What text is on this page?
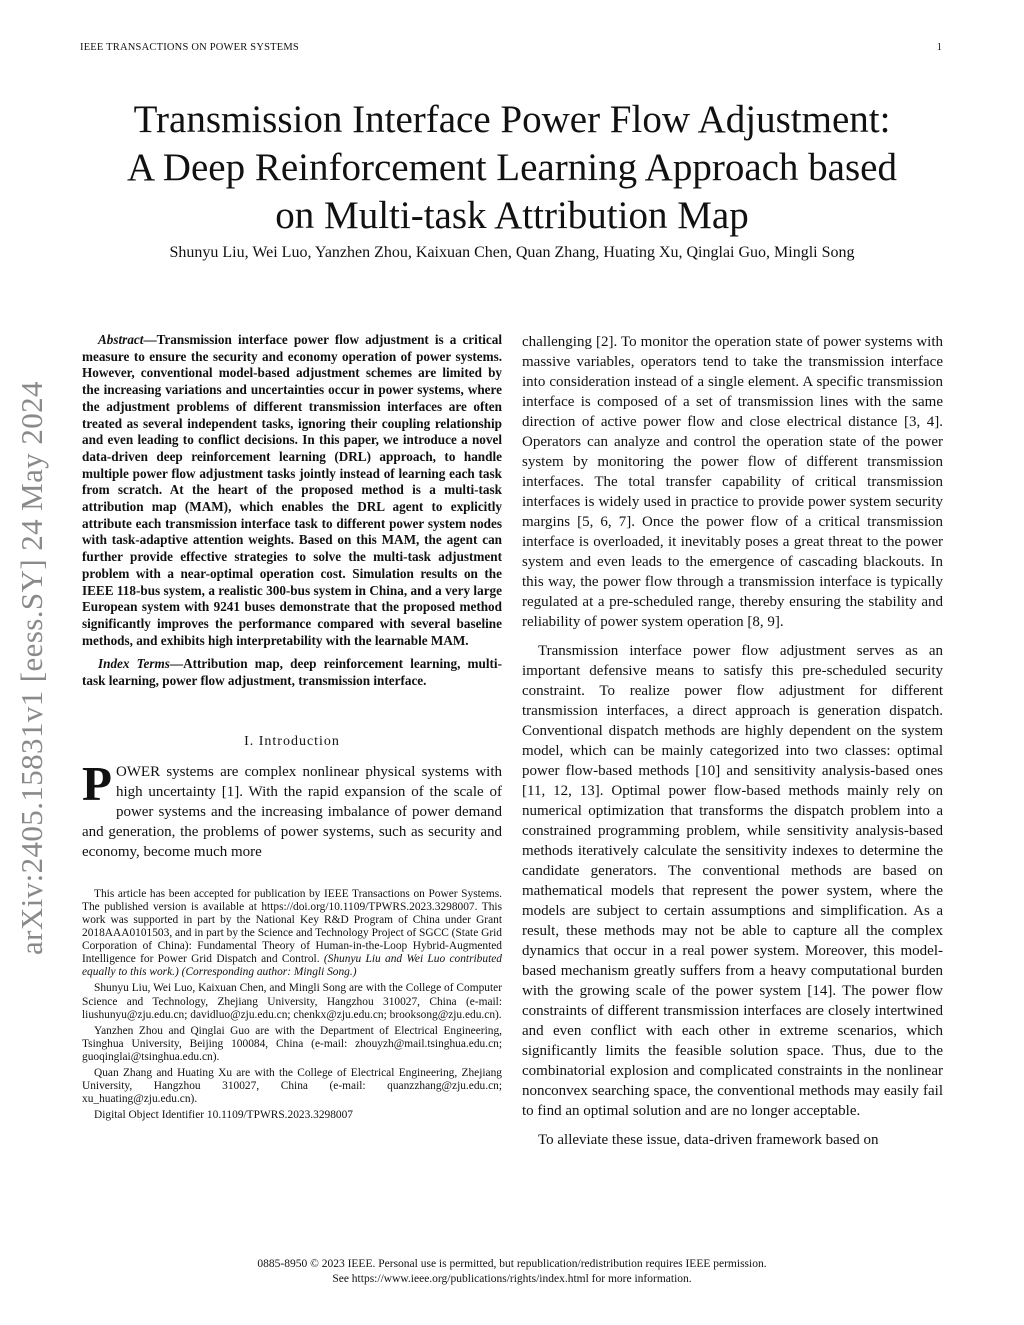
IEEE TRANSACTIONS ON POWER SYSTEMS	1
Transmission Interface Power Flow Adjustment:
A Deep Reinforcement Learning Approach based
on Multi-task Attribution Map
Shunyu Liu, Wei Luo, Yanzhen Zhou, Kaixuan Chen, Quan Zhang, Huating Xu, Qinglai Guo, Mingli Song
arXiv:2405.15831v1 [eess.SY] 24 May 2024

Abstract—Transmission interface power flow adjustment is a critical measure to ensure the security and economy operation of power systems. However, conventional model-based adjustment schemes are limited by the increasing variations and uncertainties occur in power systems, where the adjustment problems of different transmission interfaces are often treated as several independent tasks, ignoring their coupling relationship and even leading to conflict decisions. In this paper, we introduce a novel data-driven deep reinforcement learning (DRL) approach, to handle multiple power flow adjustment tasks jointly instead of learning each task from scratch. At the heart of the proposed method is a multi-task attribution map (MAM), which enables the DRL agent to explicitly attribute each transmission interface task to different power system nodes with task-adaptive attention weights. Based on this MAM, the agent can further provide effective strategies to solve the multi-task adjustment problem with a near-optimal operation cost. Simulation results on the IEEE 118-bus system, a realistic 300-bus system in China, and a very large European system with 9241 buses demonstrate that the proposed method significantly improves the performance compared with several baseline methods, and exhibits high interpretability with the learnable MAM.

Index Terms—Attribution map, deep reinforcement learning, multi-task learning, power flow adjustment, transmission interface.

I. Introduction

POWER systems are complex nonlinear physical systems with high uncertainty [1]. With the rapid expansion of the scale of power systems and the increasing imbalance of power demand and generation, the problems of power systems, such as security and economy, become much more

This article has been accepted for publication by IEEE Transactions on Power Systems. The published version is available at https://doi.org/10.1109/TPWRS.2023.3298007. This work was supported in part by the National Key R&D Program of China under Grant 2018AAA0101503, and in part by the Science and Technology Project of SGCC (State Grid Corporation of China): Fundamental Theory of Human-in-the-Loop Hybrid-Augmented Intelligence for Power Grid Dispatch and Control. (Shunyu Liu and Wei Luo contributed equally to this work.) (Corresponding author: Mingli Song.)

Shunyu Liu, Wei Luo, Kaixuan Chen, and Mingli Song are with the College of Computer Science and Technology, Zhejiang University, Hangzhou 310027, China (e-mail: liushunyu@zju.edu.cn; davidluo@zju.edu.cn; chenkx@zju.edu.cn; brooksong@zju.edu.cn).

Yanzhen Zhou and Qinglai Guo are with the Department of Electrical Engineering, Tsinghua University, Beijing 100084, China (e-mail: zhouyzh@mail.tsinghua.edu.cn; guoqinglai@tsinghua.edu.cn).

Quan Zhang and Huating Xu are with the College of Electrical Engineering, Zhejiang University, Hangzhou 310027, China (e-mail: quanzzhang@zju.edu.cn; xu_huating@zju.edu.cn).

Digital Object Identifier 10.1109/TPWRS.2023.3298007

challenging [2]. To monitor the operation state of power systems with massive variables, operators tend to take the transmission interface into consideration instead of a single element. A specific transmission interface is composed of a set of transmission lines with the same direction of active power flow and close electrical distance [3, 4]. Operators can analyze and control the operation state of the power system by monitoring the power flow of different transmission interfaces. The total transfer capability of critical transmission interfaces is widely used in practice to provide power system security margins [5, 6, 7]. Once the power flow of a critical transmission interface is overloaded, it inevitably poses a great threat to the power system and even leads to the emergence of cascading blackouts. In this way, the power flow through a transmission interface is typically regulated at a pre-scheduled range, thereby ensuring the stability and reliability of power system operation [8, 9].

Transmission interface power flow adjustment serves as an important defensive means to satisfy this pre-scheduled security constraint. To realize power flow adjustment for different transmission interfaces, a direct approach is generation dispatch. Conventional dispatch methods are highly dependent on the system model, which can be mainly categorized into two classes: optimal power flow-based methods [10] and sensitivity analysis-based ones [11, 12, 13]. Optimal power flow-based methods mainly rely on numerical optimization that transforms the dispatch problem into a constrained programming problem, while sensitivity analysis-based methods iteratively calculate the sensitivity indexes to determine the candidate generators. The conventional methods are based on mathematical models that represent the power system, where the models are subject to certain assumptions and simplification. As a result, these methods may not be able to capture all the complex dynamics that occur in a real power system. Moreover, this model-based mechanism greatly suffers from a heavy computational burden with the growing scale of the power system [14]. The power flow constraints of different transmission interfaces are closely intertwined and even conflict with each other in extreme scenarios, which significantly limits the feasible solution space. Thus, due to the combinatorial explosion and complicated constraints in the nonlinear nonconvex searching space, the conventional methods may easily fail to find an optimal solution and are no longer acceptable.

To alleviate these issue, data-driven framework based on

0885-8950 © 2023 IEEE. Personal use is permitted, but republication/redistribution requires IEEE permission.
See https://www.ieee.org/publications/rights/index.html for more information.
